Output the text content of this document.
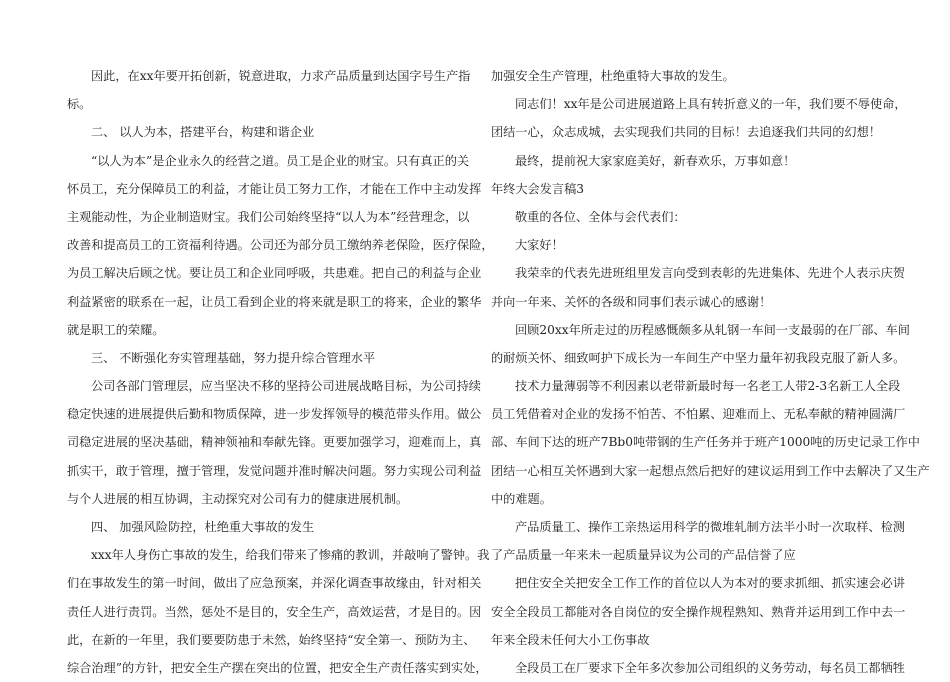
因此，在xx年要开拓创新，锐意进取，力求产品质量到达国字号生产指
标。
二、 以人为本，搭建平台，构建和谐企业
“以人为本”是企业永久的经营之道。员工是企业的财宝。只有真正的关
怀员工，充分保障员工的利益，才能让员工努力工作，才能在工作中主动发挥
主观能动性，为企业制造财宝。我们公司始终坚持“以人为本”经营理念，以
改善和提高员工的工资福利待遇。公司还为部分员工缴纳养老保险，医疗保险，
为员工解决后顾之忧。要让员工和企业同呼吸，共患难。把自己的利益与企业
利益紧密的联系在一起，让员工看到企业的将来就是职工的将来，企业的繁华
就是职工的荣耀。
三、 不断强化夯实管理基础，努力提升综合管理水平
公司各部门管理层，应当坚决不移的坚持公司进展战略目标，为公司持续
稳定快速的进展提供后勤和物质保障，进一步发挥领导的模范带头作用。做公
司稳定进展的坚决基础，精神领袖和奉献先锋。更要加强学习，迎难而上，真
抓实干，敢于管理，擅于管理，发觉问题并准时解决问题。努力实现公司利益
与个人进展的相互协调，主动探究对公司有力的健康进展机制。
四、 加强风险防控，杜绝重大事故的发生
xxx年人身伤亡事故的发生，给我们带来了惨痛的教训，并敲响了警钟。我
们在事故发生的第一时间，做出了应急预案，并深化调查事故缘由，针对相关
责任人进行责罚。当然，惩处不是目的，安全生产，高效运营，才是目的。因
此，在新的一年里，我们要要防患于未然，始终坚持“安全第一、预防为主、
综合治理”的方针，把安全生产摆在突出的位置，把安全生产责任落实到实处，
加强安全生产管理，杜绝重特大事故的发生。
同志们！xx年是公司进展道路上具有转折意义的一年，我们要不辱使命，
团结一心，众志成城，去实现我们共同的目标！去追逐我们共同的幻想！
最终，提前祝大家家庭美好，新春欢乐，万事如意！
年终大会发言稿3
敬重的各位、全体与会代表们：
大家好！
我荣幸的代表先进班组里发言向受到表彰的先进集体、先进个人表示庆贺
并向一年来、关怀的各级和同事们表示诚心的感谢！
回顾20xx年所走过的历程感慨颇多从轧钢一车间一支最弱的在厂部、车间
的耐烦关怀、细致呵护下成长为一车间生产中坚力量年初我段克服了新人多。
技术力量薄弱等不利因素以老带新最时每一名老工人带2-3名新工人全段
员工凭借着对企业的发扬不怕苦、不怕累、迎难而上、无私奉献的精神圆满厂
部、车间下达的班产7Bb0吨带钢的生产任务并于班产1000吨的历史记录工作中
团结一心相互关怀遇到大家一起想点然后把好的建议运用到工作中去解决了又生产
中的难题。
产品质量工、操作工亲热运用科学的微堆轧制方法半小时一次取样、检测
了产品质量一年来未一起质量异议为公司的产品信誉了应
把住安全关把安全工作工作的首位以人为本对的要求抓细、抓实速会必讲
安全全段员工都能对各自岗位的安全操作规程熟知、熟背并运用到工作中去一
年来全段未任何大小工伤事故
全段员工在厂要求下全年多次参加公司组织的义务劳动，每名员工都牺牲
